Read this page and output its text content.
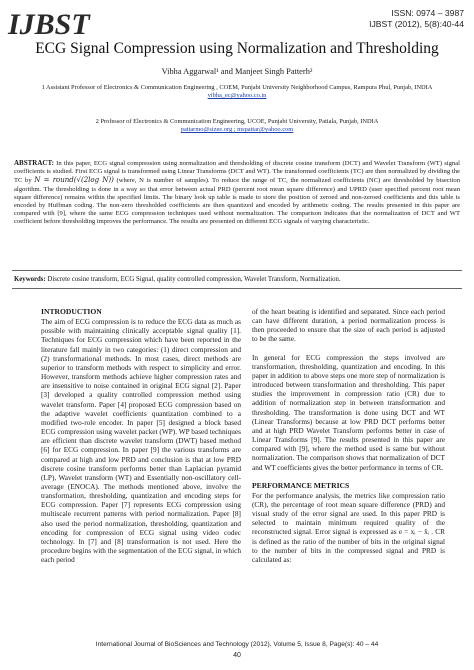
IJBST	ISSN: 0974 – 3987
IJBST (2012), 5(8):40-44
ECG Signal Compression using Normalization and Thresholding
Vibha Aggarwal¹ and Manjeet Singh Patterh²
1 Assistant Professor of Electronics & Communication Engineering , COEM, Punjabi University Neighborhood Campus, Rampura Phul, Punjab, INDIA
vibha_ec@yahoo.co.in
2 Professor of Electronics & Communication Engineering, UCOE, Punjabi University, Patiala, Punjab, INDIA
pattarmo@sizee.org ; mspattar@yahoo.com
ABSTRACT: In this paper, ECG signal compression using normalization and thresholding of discrete cosine transform (DCT) and Wavelet Transform (WT) signal coefficients is studied. First ECG signal is transformed using Linear Transforms (DCT and WT). The transformed coefficients (TC) are then normalized by dividing the TC by N = round(√(2log N)) (where, N is number of samples). To reduce the range of TC, the normalized coefficients (NC) are thresholded by bisection algorithm. The thresholding is done in a way so that error between actual PRD (percent root mean square difference) and UPRD (user specified percent root mean square difference) remains within the specified limits. The binary look up table is made to store the position of zeroed and non-zeroed coefficients and this table is encoded by Huffman coding. The non-zero thresholded coefficients are then quantized and encoded by arithmetic coding. The results presented in this paper are compared with [9], where the same ECG compression techniques used without normalization. The comparison indicates that the normalization of DCT and WT coefficient before thresholding improves the performance. The results are presented on different ECG signals of varying characteristic.
Keywords: Discrete cosine transform, ECG Signal, quality controlled compression, Wavelet Transform, Normalization.
INTRODUCTION

The aim of ECG compression is to reduce the ECG data as much as possible with maintaining clinically acceptable signal quality [1]. Techniques for ECG compression which have been reported in the literature fall mainly in two categories: (1) direct compression and (2) transformational methods. In most cases, direct methods are superior to transform methods with respect to simplicity and error. However, transform methods achieve higher compression rates and are insensitive to noise contained in original ECG signal [2]. Paper [3] developed a quality controlled compression method using wavelet transform. Paper [4] proposed ECG compression based on the adaptive wavelet coefficients quantization combined to a modified two-role encoder. In paper [5] designed a block based ECG compression using wavelet packet (WP). WP based techniques are efficient than discrete wavelet transform (DWT) based method [6] for ECG compression. In paper [9] the various transforms are compared at high and low PRD and conclusion is that at low PRD discrete cosine transform performs better than Laplacian pyramid (LP), Wavelet transform (WT) and Essentially non-oscillatory cell-average (ENOCA). The methods mentioned above, involve the transformation, thresholding, quantization and encoding steps for ECG compression. Paper [7] represents ECG compression using multiscale recurrent patterns with period normalization. Paper [8] also used the period normalization, thresholding, quantization and encoding for compression of ECG signal using video codec technology. In [7] and [8] transformation is not used. Here the procedure begins with the segmentation of the ECG signal, in which each period

of the heart beating is identified and separated. Since each period can have different duration, a period normalization process is then proceeded to ensure that the size of each period is adjusted to be the same.

In general for ECG compression the steps involved are transformation, thresholding, quantization and encoding. In this paper in addition to above steps one more step of normalization is introduced between transformation and thresholding. This paper studies the improvement in compression ratio (CR) due to addition of normalization step in between transformation and thresholding. The transformation is done using DCT and WT (Linear Transforms) because at low PRD DCT performs better and at high PRD Wavelet Transform performs better in case of Linear Transforms [9]. The results presented in this paper are compared with [9], where the method used is same but without normalization. The comparison shows that normalization of DCT and WT coefficients gives the better performance in terms of CR.

PERFORMANCE METRICS

For the performance analysis, the metrics like compression ratio (CR), the percentage of root mean square difference (PRD) and visual study of the error signal are used. In this paper PRD is selected to maintain minimum required quality of the reconstructed signal. Error signal is expressed as e = xᵢ − x̂ᵢ . CR is defined as the ratio of the number of bits in the original signal to the number of bits in the compressed signal and PRD is calculated as:

International Journal of BioSciences and Technology (2012), Volume 5, Issue 8, Page(s): 40 – 44
40
